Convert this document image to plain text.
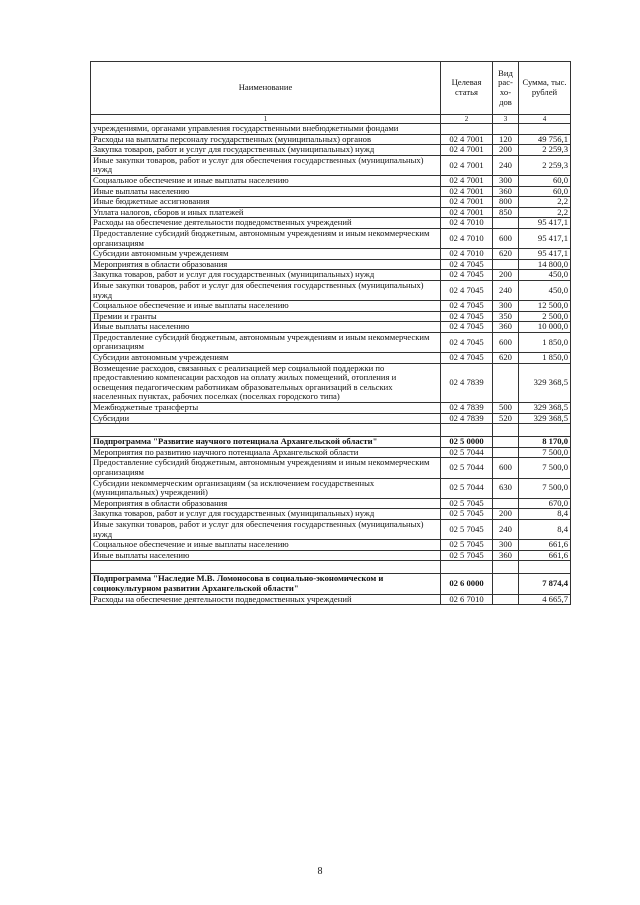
Наименование	Целевая статья	Вид рас-хо-дов	Сумма, тыс. рублей
1	2	3	4
учреждениями, органами управления государственными внебюджетными фондами			
Расходы на выплаты персоналу государственных (муниципальных) органов	02 4 7001	120	49 756,1
Закупка товаров, работ и услуг для государственных (муниципальных) нужд	02 4 7001	200	2 259,3
Иные закупки товаров, работ и услуг для обеспечения государственных (муниципальных) нужд	02 4 7001	240	2 259,3
Социальное обеспечение и иные выплаты населению	02 4 7001	300	60,0
Иные выплаты населению	02 4 7001	360	60,0
Иные бюджетные ассигнования	02 4 7001	800	2,2
Уплата налогов, сборов и иных платежей	02 4 7001	850	2,2
Расходы на обеспечение деятельности подведомственных учреждений	02 4 7010		95 417,1
Предоставление субсидий бюджетным, автономным учреждениям и иным некоммерческим организациям	02 4 7010	600	95 417,1
Субсидии автономным учреждениям	02 4 7010	620	95 417,1
Мероприятия в области образования	02 4 7045		14 800,0
Закупка товаров, работ и услуг для государственных (муниципальных) нужд	02 4 7045	200	450,0
Иные закупки товаров, работ и услуг для обеспечения государственных (муниципальных) нужд	02 4 7045	240	450,0
Социальное обеспечение и иные выплаты населению	02 4 7045	300	12 500,0
Премии и гранты	02 4 7045	350	2 500,0
Иные выплаты населению	02 4 7045	360	10 000,0
Предоставление субсидий бюджетным, автономным учреждениям и иным некоммерческим организациям	02 4 7045	600	1 850,0
Субсидии автономным учреждениям	02 4 7045	620	1 850,0
Возмещение расходов, связанных с реализацией мер социальной поддержки по предоставлению компенсации расходов на оплату жилых помещений, отопления и освещения педагогическим работникам образовательных организаций в сельских населенных пунктах, рабочих поселках (поселках городского типа)	02 4 7839		329 368,5
Межбюджетные трансферты	02 4 7839	500	329 368,5
Субсидии	02 4 7839	520	329 368,5

Подпрограмма "Развитие научного потенциала Архангельской области"	02 5 0000		8 170,0
Мероприятия по развитию научного потенциала Архангельской области	02 5 7044		7 500,0
Предоставление субсидий бюджетным, автономным учреждениям и иным некоммерческим организациям	02 5 7044	600	7 500,0
Субсидии некоммерческим организациям (за исключением государственных (муниципальных) учреждений)	02 5 7044	630	7 500,0
Мероприятия в области образования	02 5 7045		670,0
Закупка товаров, работ и услуг для государственных (муниципальных) нужд	02 5 7045	200	8,4
Иные закупки товаров, работ и услуг для обеспечения государственных (муниципальных) нужд	02 5 7045	240	8,4
Социальное обеспечение и иные выплаты населению	02 5 7045	300	661,6
Иные выплаты населению	02 5 7045	360	661,6

Подпрограмма "Наследие М.В. Ломоносова в социально-экономическом и социокультурном развитии Архангельской области"	02 6 0000		7 874,4
Расходы на обеспечение деятельности подведомственных учреждений	02 6 7010		4 665,7
8
